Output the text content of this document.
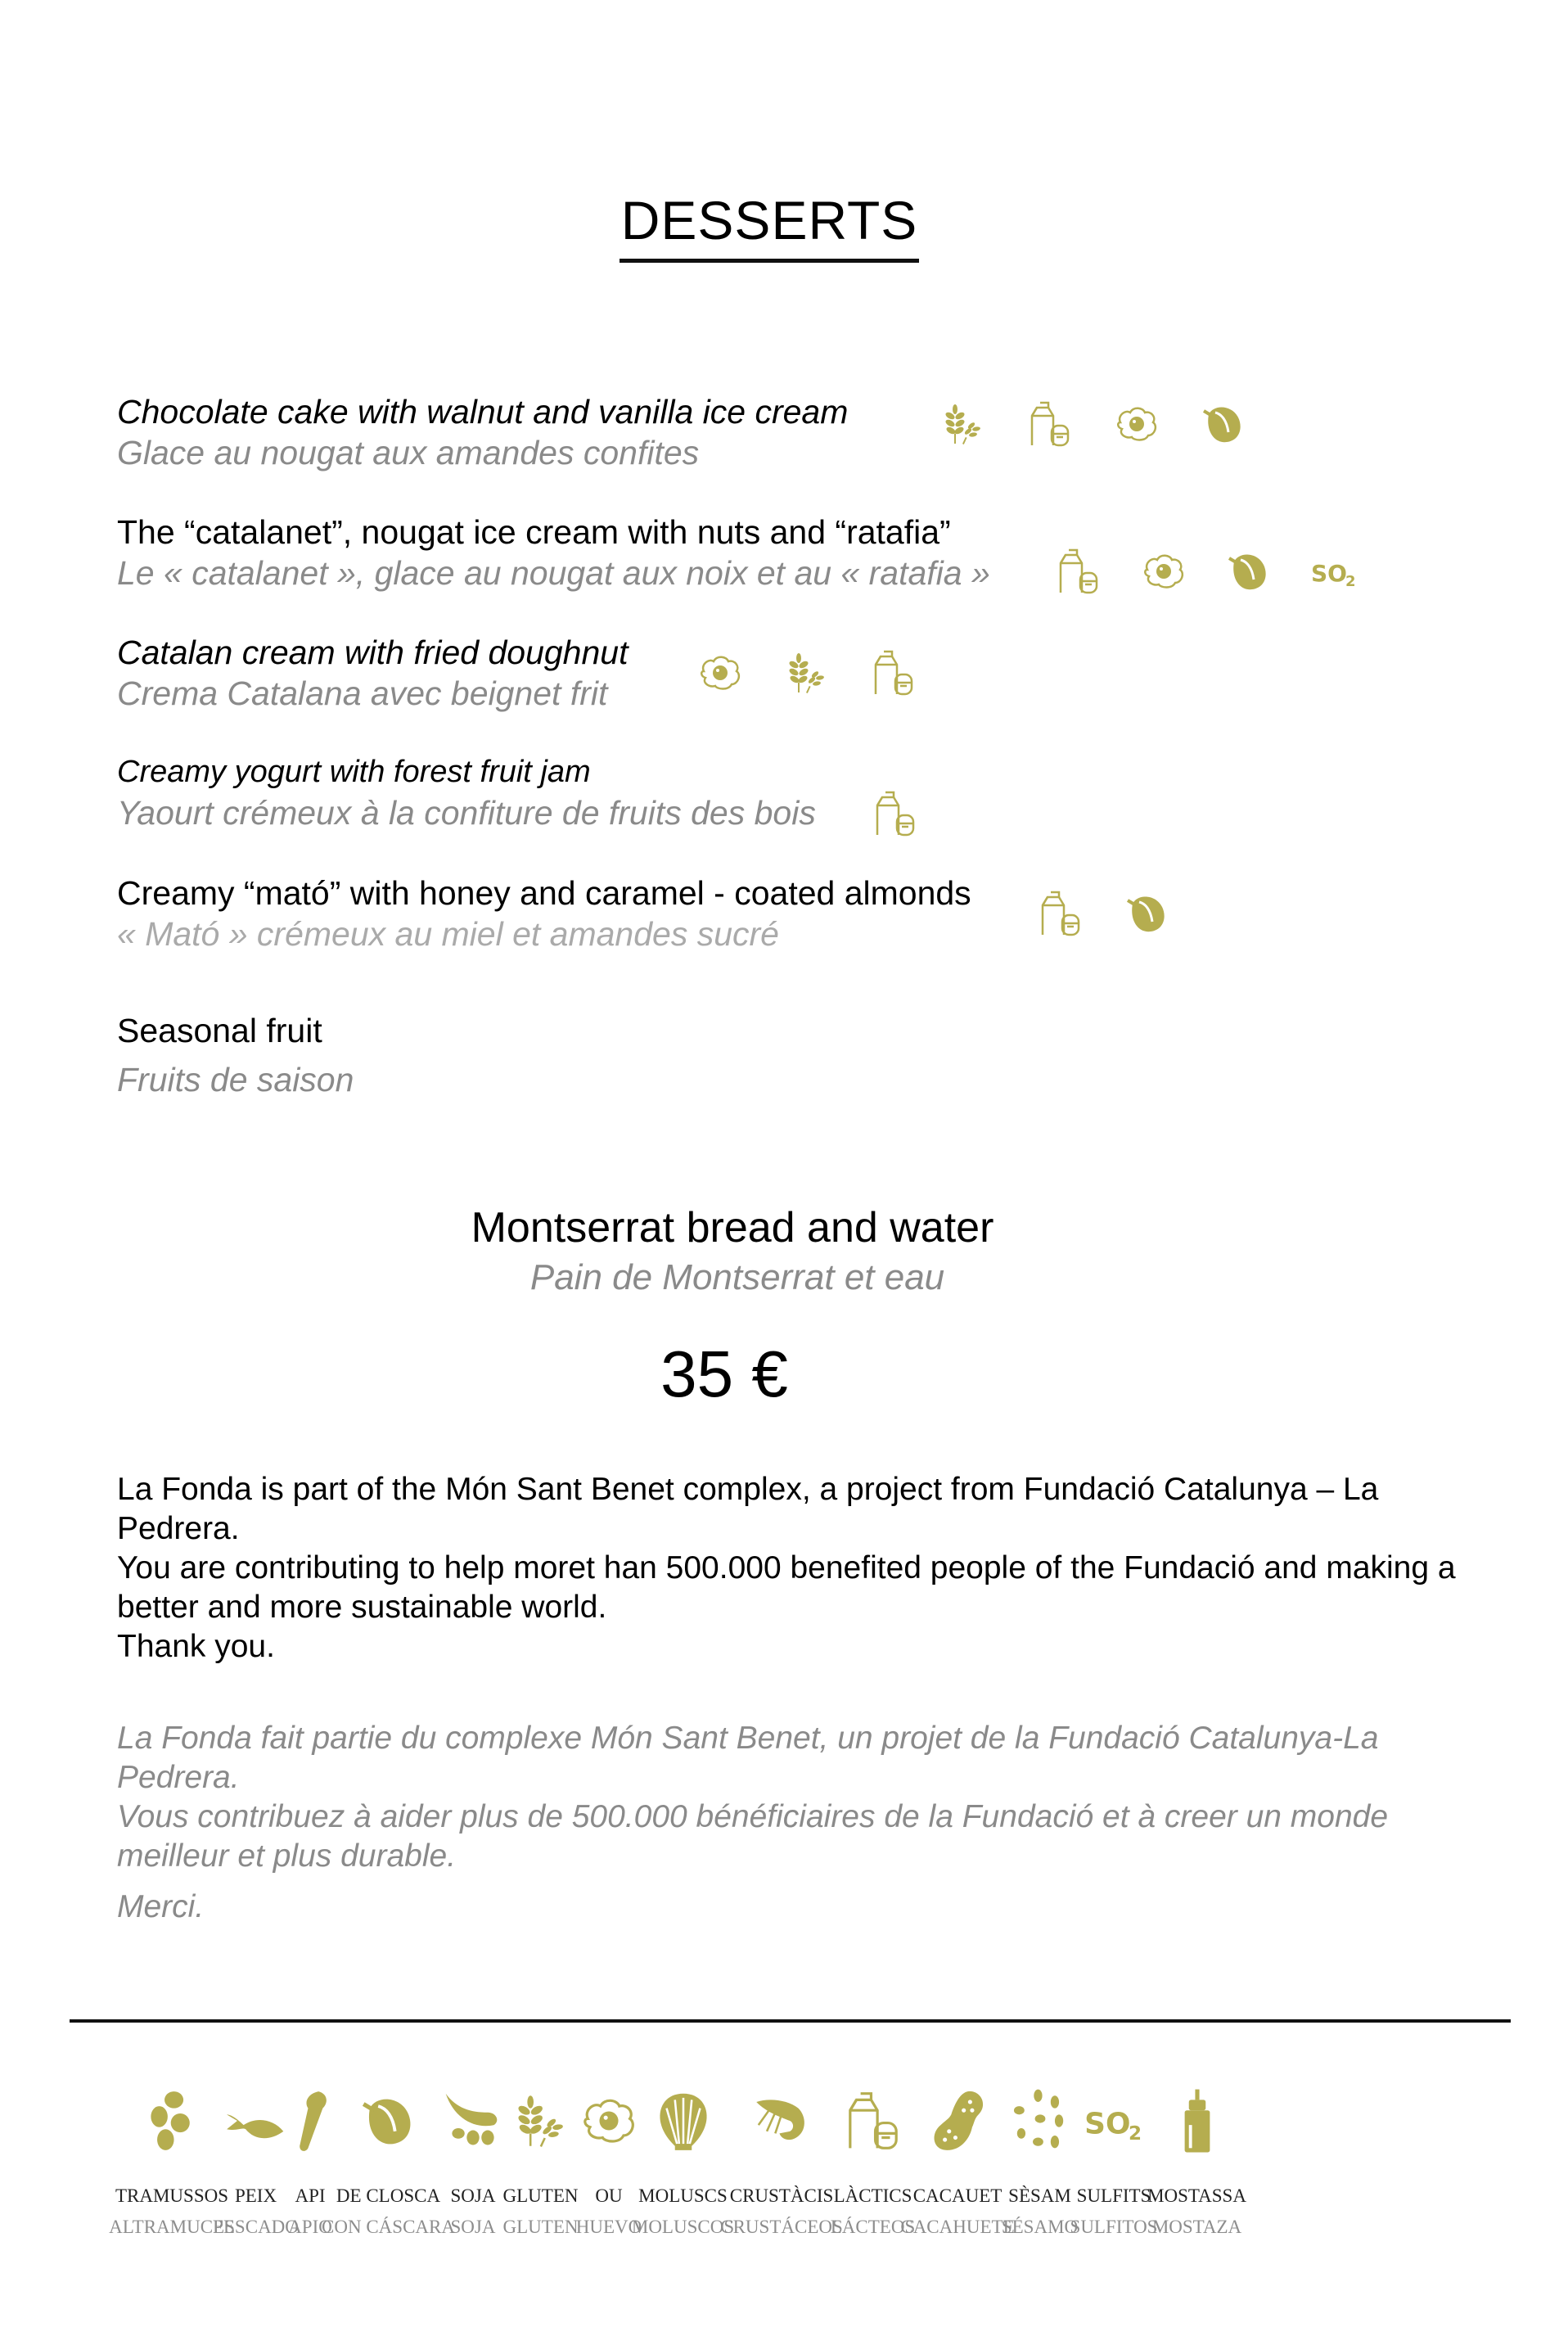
DESSERTS
Chocolate cake with walnut and vanilla ice cream
Glace au nougat aux amandes confites
The “catalanet”, nougat ice cream with nuts and “ratafia”
Le « catalanet », glace au nougat aux noix et au « ratafia »	SO
2
Catalan cream with fried doughnut
Crema Catalana avec beignet frit
Creamy yogurt with forest fruit jam
Yaourt crémeux à la confiture de fruits des bois
Creamy “mató” with honey and caramel - coated almonds
« Mató » crémeux au miel et amandes sucré
Seasonal fruit
Fruits de saison
Montserrat bread and water
Pain de Montserrat et eau
35 €

La Fonda is part of the Món Sant Benet complex, a project from Fundació Catalunya – La Pedrera.

You are contributing to help moret han 500.000 benefited people of the Fundació and making a better and more sustainable world.

Thank you.

La Fonda fait partie du complexe Món Sant Benet, un projet de la Fundació Catalunya-La Pedrera.

Vous contribuez à aider plus de 500.000 bénéficiaires de la Fundació et à creer un monde meilleur et plus durable.

Merci.

TRAMUSSOS
ALTRAMUCES
PEIX
PESCADO
API
APIO
DE CLOSCA
CON CÁSCARA
SOJA
SOJA
GLUTEN
GLUTEN
OU
HUEVO
MOLUSCS
MOLUSCOS
CRUSTÀCIS
CRUSTÁCEOS
LÀCTICS
LÁCTEOS
CACAUET
CACAHUETE
SÈSAM
SÉSAMO
SO
2
SULFITS
SULFITOS
MOSTASSA
MOSTAZA
